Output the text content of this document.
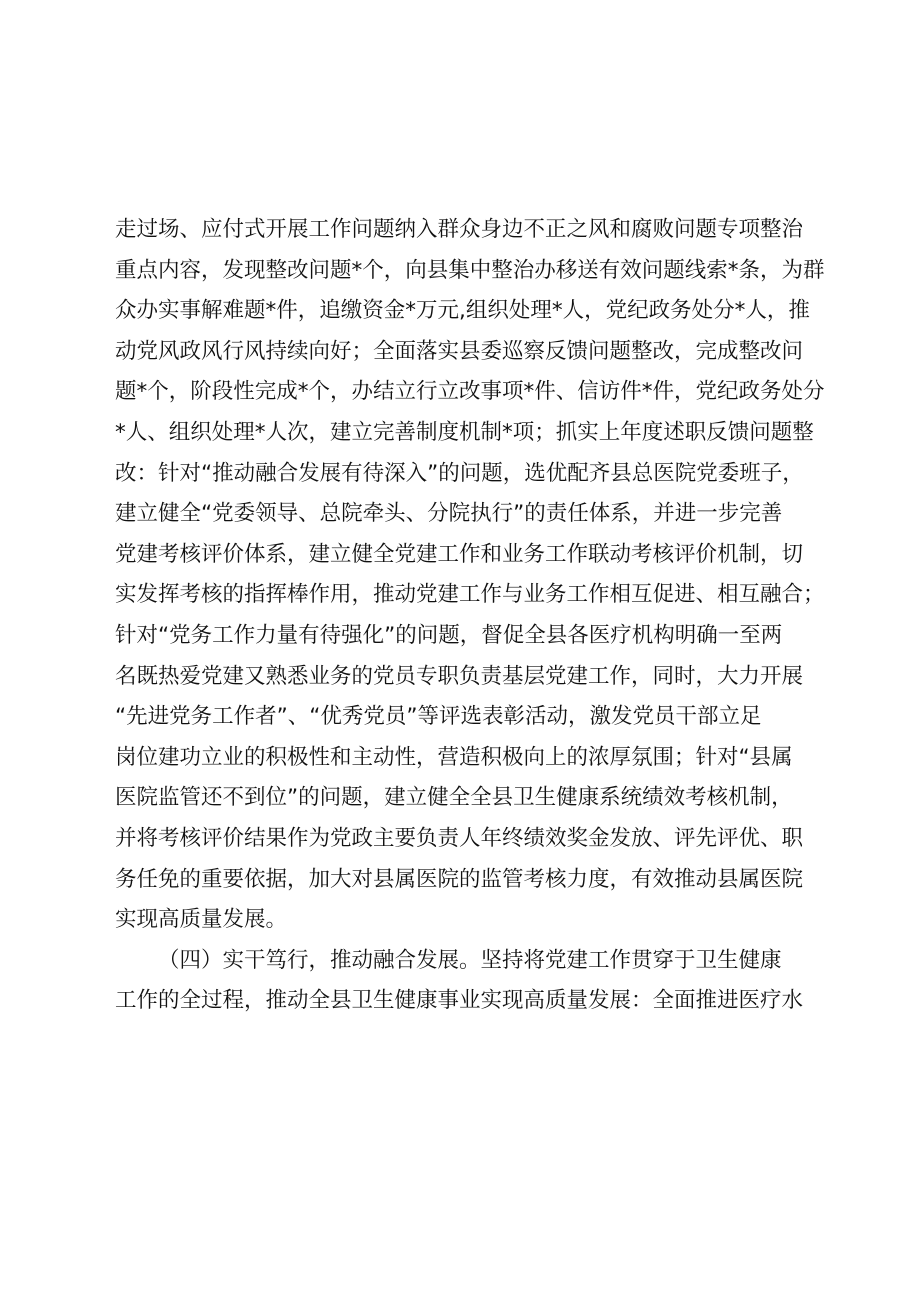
走过场、应付式开展工作问题纳入群众身边不正之风和腐败问题专项整治
重点内容，发现整改问题*个，向县集中整治办移送有效问题线索*条，为群
众办实事解难题*件，追缴资金*万元,组织处理*人，党纪政务处分*人，推
动党风政风行风持续向好；全面落实县委巡察反馈问题整改，完成整改问
题*个，阶段性完成*个，办结立行立改事项*件、信访件*件，党纪政务处分
*人、组织处理*人次，建立完善制度机制*项；抓实上年度述职反馈问题整
改：针对“推动融合发展有待深入”的问题，选优配齐县总医院党委班子，
建立健全“党委领导、总院牵头、分院执行”的责任体系，并进一步完善
党建考核评价体系，建立健全党建工作和业务工作联动考核评价机制，切
实发挥考核的指挥棒作用，推动党建工作与业务工作相互促进、相互融合；
针对“党务工作力量有待强化”的问题，督促全县各医疗机构明确一至两
名既热爱党建又熟悉业务的党员专职负责基层党建工作，同时，大力开展
“先进党务工作者”、“优秀党员”等评选表彰活动，激发党员干部立足
岗位建功立业的积极性和主动性，营造积极向上的浓厚氛围；针对“县属
医院监管还不到位”的问题，建立健全全县卫生健康系统绩效考核机制，
并将考核评价结果作为党政主要负责人年终绩效奖金发放、评先评优、职
务任免的重要依据，加大对县属医院的监管考核力度，有效推动县属医院
实现高质量发展。
（四）实干笃行，推动融合发展。坚持将党建工作贯穿于卫生健康
工作的全过程，推动全县卫生健康事业实现高质量发展：全面推进医疗水
